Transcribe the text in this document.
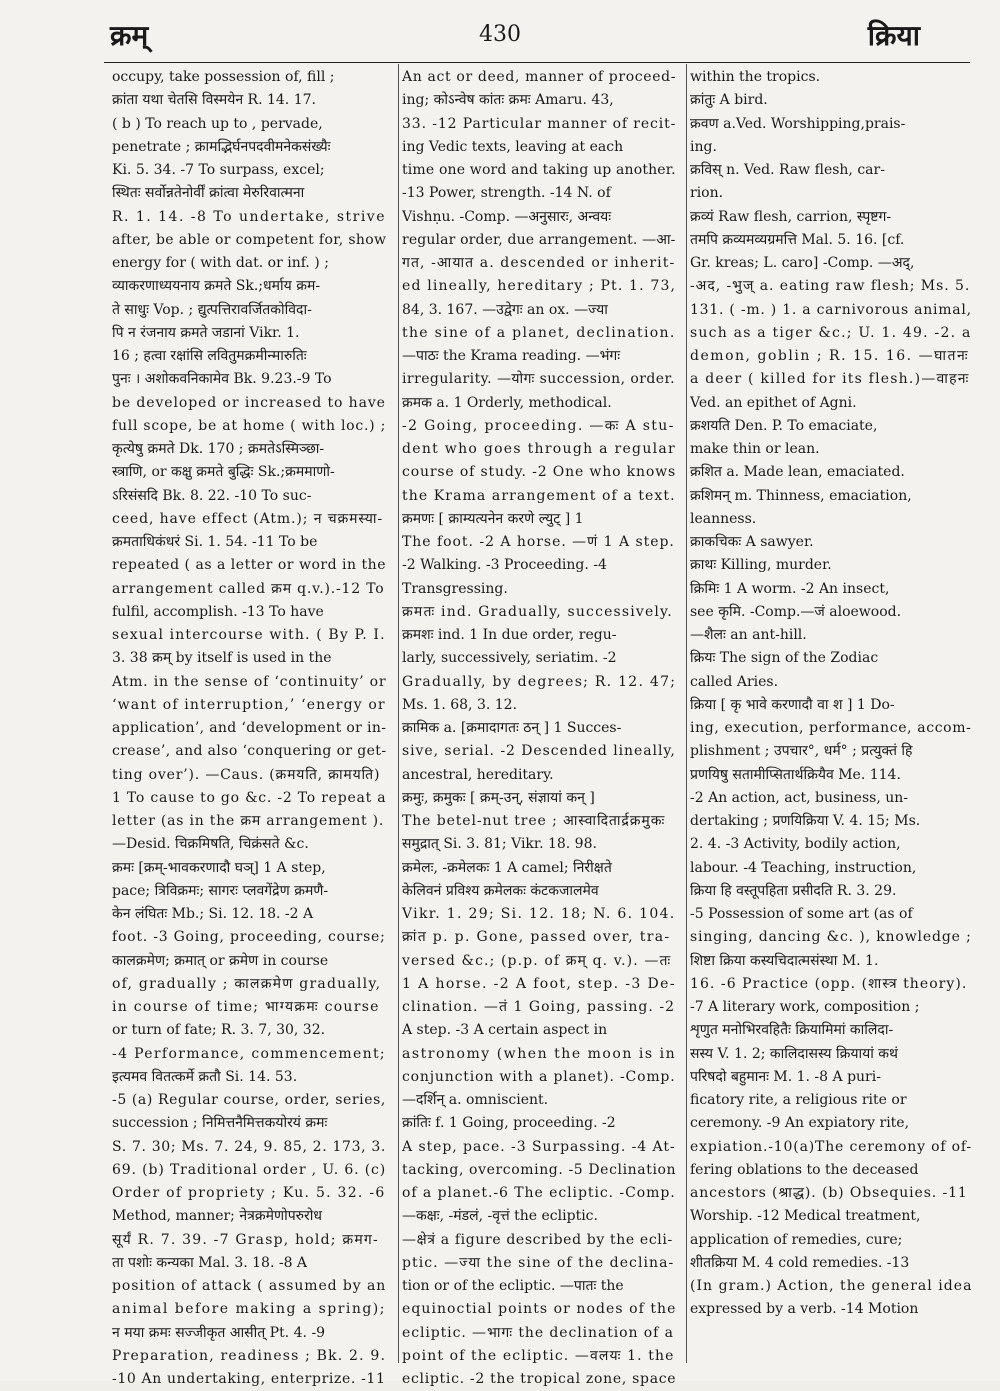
क्रम्	430	क्रिया
occupy, take possession of, fill ;
क्रांता यथा चेतसि विस्मयेन R. 14. 17.
( b ) To reach up to , pervade,
penetrate ; क्रामद्भिर्घनपदवीमनेकसंख्यैः
Ki. 5. 34. -7 To surpass, excel;
स्थितः सर्वोन्नतेनोर्वीं क्रांत्वा मेरुरिवात्मना
R. 1. 14. -8 To undertake, strive
after, be able or competent for, show
energy for ( with dat. or inf. ) ;
व्याकरणाध्ययनाय क्रमते Sk.;धर्माय क्रम-
ते साधुः Vop. ; द्युत्पत्तिरावर्जितकोविदा-
पि न रंजनाय क्रमते जडानां Vikr. 1.
16 ; हत्वा रक्षांसि लवितुमक्रमीन्मारुतिः
पुनः । अशोकवनिकामेव Bk. 9.23.-9 To
be developed or increased to have
full scope, be at home ( with loc.) ;
कृत्येषु क्रमते Dk. 170 ; क्रमतेऽस्मिञ्छा-
स्त्राणि, or कक्षु क्रमते बुद्धिः Sk.;क्रममाणो-
ऽरिसंसदि Bk. 8. 22. -10 To suc-
ceed, have effect (Atm.); न चक्रमस्या-
क्रमताधिकंधरं Si. 1. 54. -11 To be
repeated ( as a letter or word in the
arrangement called क्रम q.v.).-12 To
fulfil, accomplish. -13 To have
sexual intercourse with. ( By P. I.
3. 38 क्रम् by itself is used in the
Atm. in the sense of ‘continuity’ or
‘want of interruption,’ ‘energy or
application’, and ‘development or in-
crease’, and also ‘conquering or get-
ting over’). —Caus. (क्रमयति, क्रामयति)
1 To cause to go &c. -2 To repeat a
letter (as in the क्रम arrangement ).
—Desid. चिक्रमिषति, चिक्रंसते &c.
क्रमः [क्रम्-भावकरणादौ घञ्] 1 A step,
pace; त्रिविक्रमः; सागरः प्लवगेंद्रेण क्रमणै-
केन लंघितः Mb.; Si. 12. 18. -2 A
foot. -3 Going, proceeding, course;
कालक्रमेण; क्रमात् or क्रमेण in course
of, gradually ; कालक्रमेण gradually,
in course of time; भाग्यक्रमः course
or turn of fate; R. 3. 7, 30, 32.
-4 Performance, commencement;
इत्यमव वितत्कर्मे क्रतौ Si. 14. 53.
-5 (a) Regular course, order, series,
succession ; निमित्तनैमित्तकयोरयं क्रमः
S. 7. 30; Ms. 7. 24, 9. 85, 2. 173, 3.
69. (b) Traditional order , U. 6. (c)
Order of propriety ; Ku. 5. 32. -6
Method, manner; नेत्रक्रमेणोपरुरोध
सूर्यं R. 7. 39. -7 Grasp, hold; क्रमग-
ता पशोः कन्यका Mal. 3. 18. -8 A
position of attack ( assumed by an
animal before making a spring);
न मया क्रमः सज्जीकृत आसीत् Pt. 4. -9
Preparation, readiness ; Bk. 2. 9.
-10 An undertaking, enterprize. -11
An act or deed, manner of proceed-
ing; कोऽन्वेष कांतः क्रमः Amaru. 43,
33. -12 Particular manner of recit-
ing Vedic texts, leaving at each
time one word and taking up another.
-13 Power, strength. -14 N. of
Vishṇu. -Comp. —अनुसारः, अन्वयः
regular order, due arrangement. —आ-
गत, -आयात a. descended or inherit-
ed lineally, hereditary ; Pt. 1. 73,
84, 3. 167. —उद्वेगः an ox. —ज्या
the sine of a planet, declination.
—पाठः the Krama reading. —भंगः
irregularity. —योगः succession, order.
क्रमक a. 1 Orderly, methodical.
-2 Going, proceeding. —कः A stu-
dent who goes through a regular
course of study. -2 One who knows
the Krama arrangement of a text.
क्रमणः [ क्राम्यत्यनेन करणे ल्युट् ] 1
The foot. -2 A horse. —णं 1 A step.
-2 Walking. -3 Proceeding. -4
Transgressing.
क्रमतः ind. Gradually, successively.
क्रमशः ind. 1 In due order, regu-
larly, successively, seriatim. -2
Gradually, by degrees; R. 12. 47;
Ms. 1. 68, 3. 12.
क्रामिक a. [क्रमादागतः ठन् ] 1 Succes-
sive, serial. -2 Descended lineally,
ancestral, hereditary.
क्रमुः, क्रमुकः [ क्रम्-उन्, संज्ञायां कन् ]
The betel-nut tree ; आस्वादितार्द्रक्रमुकः
समुद्रात् Si. 3. 81; Vikr. 18. 98.
क्रमेलः, -क्रमेलकः 1 A camel; निरीक्षते
केलिवनं प्रविश्य क्रमेलकः कंटकजालमेव
Vikr. 1. 29; Si. 12. 18; N. 6. 104.
क्रांत p. p. Gone, passed over, tra-
versed &c.; (p.p. of क्रम् q. v.). —तः
1 A horse. -2 A foot, step. -3 De-
clination. —तं 1 Going, passing. -2
A step. -3 A certain aspect in
astronomy (when the moon is in
conjunction with a planet). -Comp.
—दर्शिन् a. omniscient.
क्रांतिः f. 1 Going, proceeding. -2
A step, pace. -3 Surpassing. -4 At-
tacking, overcoming. -5 Declination
of a planet.-6 The ecliptic. -Comp.
—कक्षः, -मंडलं, -वृत्तं the ecliptic.
—क्षेत्रं a figure described by the ecli-
ptic. —ज्या the sine of the declina-
tion or of the ecliptic. —पातः the
equinoctial points or nodes of the
ecliptic. —भागः the declination of a
point of the ecliptic. —वलयः 1. the
ecliptic. -2 the tropical zone, space
within the tropics.
क्रांतुः A bird.
क्रवण a.Ved. Worshipping,prais-
ing.
क्रविस् n. Ved. Raw flesh, car-
rion.
क्रव्यं Raw flesh, carrion, स्पृष्टग-
तमपि क्रव्यमव्यग्रमत्ति Mal. 5. 16. [cf.
Gr. kreas; L. caro] -Comp. —अद्,
-अद, -भुज् a. eating raw flesh; Ms. 5.
131. ( -m. ) 1. a carnivorous animal,
such as a tiger &c.; U. 1. 49. -2. a
demon, goblin ; R. 15. 16. —घातनः
a deer ( killed for its flesh.)—वाहनः
Ved. an epithet of Agni.
क्रशयति Den. P. To emaciate,
make thin or lean.
क्रशित a. Made lean, emaciated.
क्रशिमन् m. Thinness, emaciation,
leanness.
क्राकचिकः A sawyer.
क्राथः Killing, murder.
क्रिमिः 1 A worm. -2 An insect,
see कृमि. -Comp.—जं aloewood.
—शैलः an ant-hill.
क्रियः The sign of the Zodiac
called Aries.
क्रिया [ कृ भावे करणादौ वा श ] 1 Do-
ing, execution, performance, accom-
plishment ; उपचार°, धर्म° ; प्रत्युक्तं हि
प्रणयिषु सतामीप्सितार्थक्रियैव Me. 114.
-2 An action, act, business, un-
dertaking ; प्रणयिक्रिया V. 4. 15; Ms.
2. 4. -3 Activity, bodily action,
labour. -4 Teaching, instruction,
क्रिया हि वस्तूपहिता प्रसीदति R. 3. 29.
-5 Possession of some art (as of
singing, dancing &c. ), knowledge ;
शिष्टा क्रिया कस्यचिदात्मसंस्था M. 1.
16. -6 Practice (opp. (शास्त्र theory).
-7 A literary work, composition ;
शृणुत मनोभिरवहितैः क्रियामिमां कालिदा-
सस्य V. 1. 2; कालिदासस्य क्रियायां कथं
परिषदो बहुमानः M. 1. -8 A puri-
ficatory rite, a religious rite or
ceremony. -9 An expiatory rite,
expiation.-10(a)The ceremony of of-
fering oblations to the deceased
ancestors (श्राद्ध). (b) Obsequies. -11
Worship. -12 Medical treatment,
application of remedies, cure;
शीतक्रिया M. 4 cold remedies. -13
(In gram.) Action, the general idea
expressed by a verb. -14 Motion
